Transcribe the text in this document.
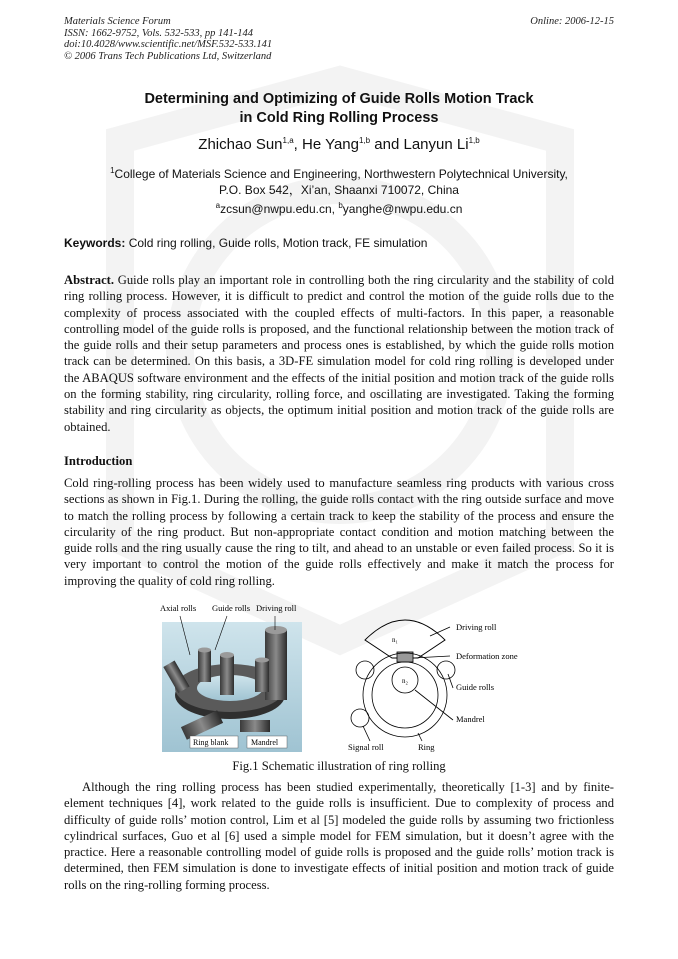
Materials Science Forum
ISSN: 1662-9752, Vols. 532-533, pp 141-144
doi:10.4028/www.scientific.net/MSF.532-533.141
© 2006 Trans Tech Publications Ltd, Switzerland
Online: 2006-12-15
Determining and Optimizing of Guide Rolls Motion Track
in Cold Ring Rolling Process
Zhichao Sun$^{1,a}$, He Yang$^{1,b}$ and Lanyun Li$^{1,b}$
$^1$College of Materials Science and Engineering, Northwestern Polytechnical University,
P.O. Box 542，Xi’an, Shaanxi 710072, China
$^a$zcsun@nwpu.edu.cn, $^b$yanghe@nwpu.edu.cn
Keywords: Cold ring rolling, Guide rolls, Motion track, FE simulation
Abstract. Guide rolls play an important role in controlling both the ring circularity and the stability of cold ring rolling process. However, it is difficult to predict and control the motion of the guide rolls due to the complexity of process associated with the coupled effects of multi-factors. In this paper, a reasonable controlling model of the guide rolls is proposed, and the functional relationship between the motion track of the guide rolls and their setup parameters and process ones is established, by which the guide rolls motion track can be determined. On this basis, a 3D-FE simulation model for cold ring rolling is developed under the ABAQUS software environment and the effects of the initial position and motion track of the guide rolls on the forming stability, ring circularity, rolling force, and oscillating are investigated. Taking the forming stability and ring circularity as objects, the optimum initial position and motion track of the guide rolls are obtained.
Introduction
Cold ring-rolling process has been widely used to manufacture seamless ring products with various cross sections as shown in Fig.1. During the rolling, the guide rolls contact with the ring outside surface and move to match the rolling process by following a certain track to keep the stability of the process and ensure the circularity of the ring product. But non-appropriate contact condition and motion matching between the guide rolls and the ring usually cause the ring to tilt, and ahead to an unstable or even failed process. So it is very important to control the motion of the guide rolls effectively and make it match the process for improving the quality of cold ring rolling.
Axial rolls Guide rolls Driving roll
Ring blank	Mandrel
n₁
n₂
Driving roll
Deformation zone
Guide rolls
Mandrel
Signal roll	Ring
Fig.1 Schematic illustration of ring rolling
Although the ring rolling process has been studied experimentally, theoretically [1-3] and by finite-element techniques [4], work related to the guide rolls is insufficient. Due to complexity of process and difficulty of guide rolls’ motion control, Lim et al [5] modeled the guide rolls by assuming two frictionless cylindrical surfaces, Guo et al [6] used a simple model for FEM simulation, but it doesn’t agree with the practice. Here a reasonable controlling model of guide rolls is proposed and the guide rolls’ motion track is determined, then FEM simulation is done to investigate effects of initial position and motion track of guide rolls on the ring-rolling forming process.
